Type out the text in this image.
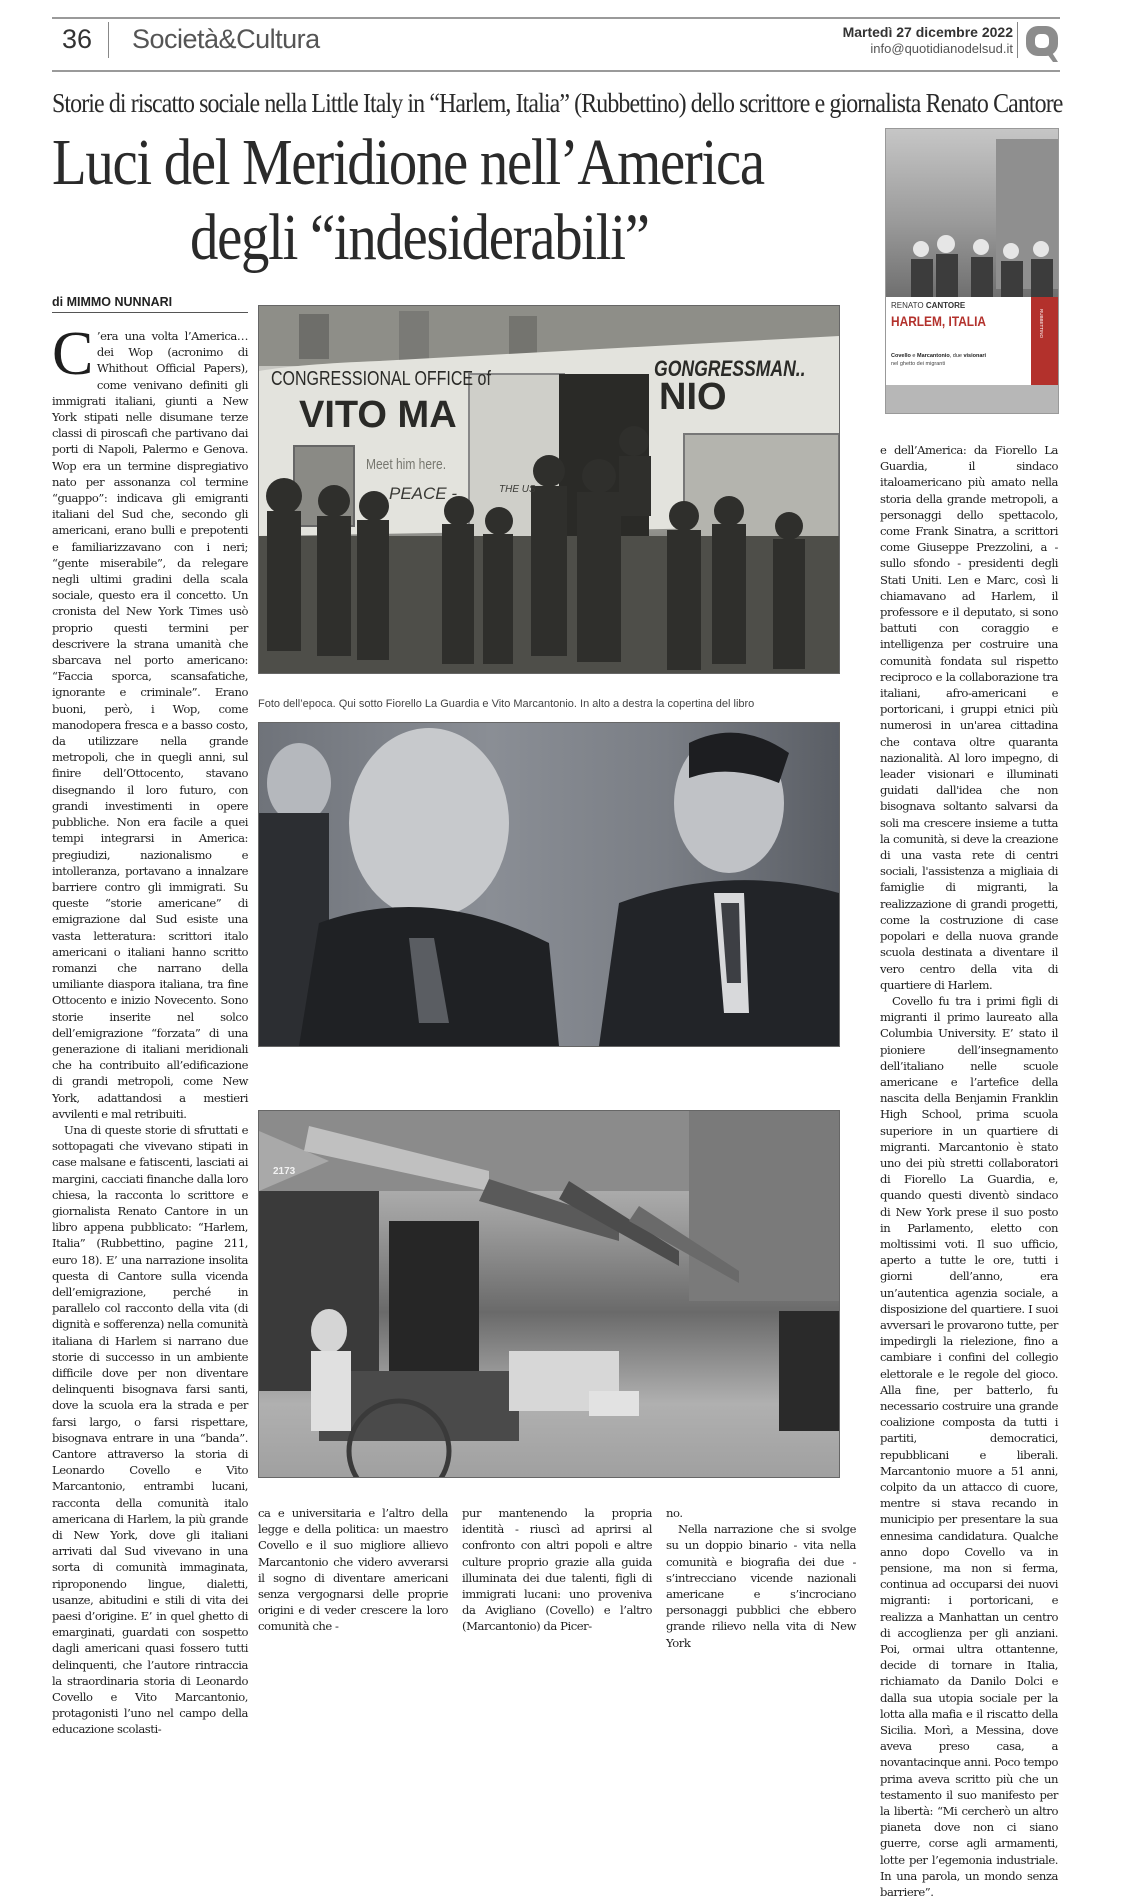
36 Società&Cultura	Martedì 27 dicembre 2022
info@quotidianodelsud.it
Storie di riscatto sociale nella Little Italy in “Harlem, Italia” (Rubbettino) dello scrittore e giornalista Renato Cantore
Luci del Meridione nell’America
degli “indesiderabili”
di MIMMO NUNNARI

C ’era una volta l’America… dei Wop (acronimo di Whithout Official Papers), come venivano definiti gli immigrati italiani, giunti a New York stipati nelle disumane terze classi di piroscafi che partivano dai porti di Napoli, Palermo e Genova. Wop era un termine dispregiativo nato per assonanza col termine “guappo”: indicava gli emigranti italiani del Sud che, secondo gli americani, erano bulli e prepotenti e familiarizzavano con i neri; “gente miserabile”, da relegare negli ultimi gradini della scala sociale, questo era il concetto. Un cronista del New York Times usò proprio questi termini per descrivere la strana umanità che sbarcava nel porto americano: “Faccia sporca, scansafatiche, ignorante e criminale”. Erano buoni, però, i Wop, come manodopera fresca e a basso costo, da utilizzare nella grande metropoli, che in quegli anni, sul finire dell’Ottocento, stavano disegnando il loro futuro, con grandi investimenti in opere pubbliche. Non era facile a quei tempi integrarsi in America: pregiudizi, nazionalismo e intolleranza, portavano a innalzare barriere contro gli immigrati. Su queste “storie americane” di emigrazione dal Sud esiste una vasta letteratura: scrittori italo americani o italiani hanno scritto romanzi che narrano della umiliante diaspora italiana, tra fine Ottocento e inizio Novecento. Sono storie inserite nel solco dell’emigrazione “forzata” di una generazione di italiani meridionali che ha contribuito all’edificazione di grandi metropoli, come New York, adattandosi a mestieri avvilenti e mal retribuiti.

Una di queste storie di sfruttati e sottopagati che vivevano stipati in case malsane e fatiscenti, lasciati ai margini, cacciati finanche dalla loro chiesa, la racconta lo scrittore e giornalista Renato Cantore in un libro appena pubblicato: “Harlem, Italia” (Rubbettino, pagine 211, euro 18). E’ una narrazione insolita questa di Cantore sulla vicenda dell’emigrazione, perché in parallelo col racconto della vita (di dignità e sofferenza) nella comunità italiana di Harlem si narrano due storie di successo in un ambiente difficile dove per non diventare delinquenti bisognava farsi santi, dove la scuola era la strada e per farsi largo, o farsi rispettare, bisognava entrare in una “banda”. Cantore attraverso la storia di Leonardo Covello e Vito Marcantonio, entrambi lucani, racconta della comunità italo americana di Harlem, la più grande di New York, dove gli italiani arrivati dal Sud vivevano in una sorta di comunità immaginata, riproponendo lingue, dialetti, usanze, abitudini e stili di vita dei paesi d’origine. E’ in quel ghetto di emarginati, guardati con sospetto dagli americani quasi fossero tutti delinquenti, che l’autore rintraccia la straordinaria storia di Leonardo Covello e Vito Marcantonio, protagonisti l’uno nel campo della educazione scolasti-

CONGRESSIONAL OFFICE of	GONGRESSMAN..
VITO MA	NIO
Meet him here.
PEACE -	THE US
Foto dell’epoca. Qui sotto Fiorello La Guardia e Vito Marcantonio. In alto a destra la copertina del libro
2173
RENATO CANTORE
HARLEM, ITALIA
Covello e Marcantonio, due visionari
nel ghetto dei migranti
RUBBETTINO

ca e universitaria e l’altro della legge e della politica: un maestro Covello e il suo migliore allievo Marcantonio che videro avverarsi il sogno di diventare americani senza vergognarsi delle proprie origini e di veder crescere la loro comunità che -

pur mantenendo la propria identità - riuscì ad aprirsi al confronto con altri popoli e altre culture proprio grazie alla guida illuminata dei due talenti, figli di immigrati lucani: uno proveniva da Avigliano (Covello) e l’altro (Marcantonio) da Picer-

no.

Nella narrazione che si svolge su un doppio binario - vita nella comunità e biografia dei due - s’intrecciano vicende nazionali americane e s’incrociano personaggi pubblici che ebbero grande rilievo nella vita di New York

e dell’America: da Fiorello La Guardia, il sindaco italoamericano più amato nella storia della grande metropoli, a personaggi dello spettacolo, come Frank Sinatra, a scrittori come Giuseppe Prezzolini, a - sullo sfondo - presidenti degli Stati Uniti. Len e Marc, così li chiamavano ad Harlem, il professore e il deputato, si sono battuti con coraggio e intelligenza per costruire una comunità fondata sul rispetto reciproco e la collaborazione tra italiani, afro-americani e portoricani, i gruppi etnici più numerosi in un'area cittadina che contava oltre quaranta nazionalità. Al loro impegno, di leader visionari e illuminati guidati dall'idea che non bisognava soltanto salvarsi da soli ma crescere insieme a tutta la comunità, si deve la creazione di una vasta rete di centri sociali, l'assistenza a migliaia di famiglie di migranti, la realizzazione di grandi progetti, come la costruzione di case popolari e della nuova grande scuola destinata a diventare il vero centro della vita di quartiere di Harlem.

Covello fu tra i primi figli di migranti il primo laureato alla Columbia University. E’ stato il pioniere dell’insegnamento dell’italiano nelle scuole americane e l’artefice della nascita della Benjamin Franklin High School, prima scuola superiore in un quartiere di migranti. Marcantonio è stato uno dei più stretti collaboratori di Fiorello La Guardia, e, quando questi diventò sindaco di New York prese il suo posto in Parlamento, eletto con moltissimi voti. Il suo ufficio, aperto a tutte le ore, tutti i giorni dell’anno, era un’autentica agenzia sociale, a disposizione del quartiere. I suoi avversari le provarono tutte, per impedirgli la rielezione, fino a cambiare i confini del collegio elettorale e le regole del gioco. Alla fine, per batterlo, fu necessario costruire una grande coalizione composta da tutti i partiti, democratici, repubblicani e liberali. Marcantonio muore a 51 anni, colpito da un attacco di cuore, mentre si stava recando in municipio per presentare la sua ennesima candidatura. Qualche anno dopo Covello va in pensione, ma non si ferma, continua ad occuparsi dei nuovi migranti: i portoricani, e realizza a Manhattan un centro di accoglienza per gli anziani. Poi, ormai ultra ottantenne, decide di tornare in Italia, richiamato da Danilo Dolci e dalla sua utopia sociale per la lotta alla mafia e il riscatto della Sicilia. Morì, a Messina, dove aveva preso casa, a novantacinque anni. Poco tempo prima aveva scritto più che un testamento il suo manifesto per la libertà: “Mi cercherò un altro pianeta dove non ci siano guerre, corse agli armamenti, lotte per l’egemonia industriale. In una parola, un mondo senza barriere”.
